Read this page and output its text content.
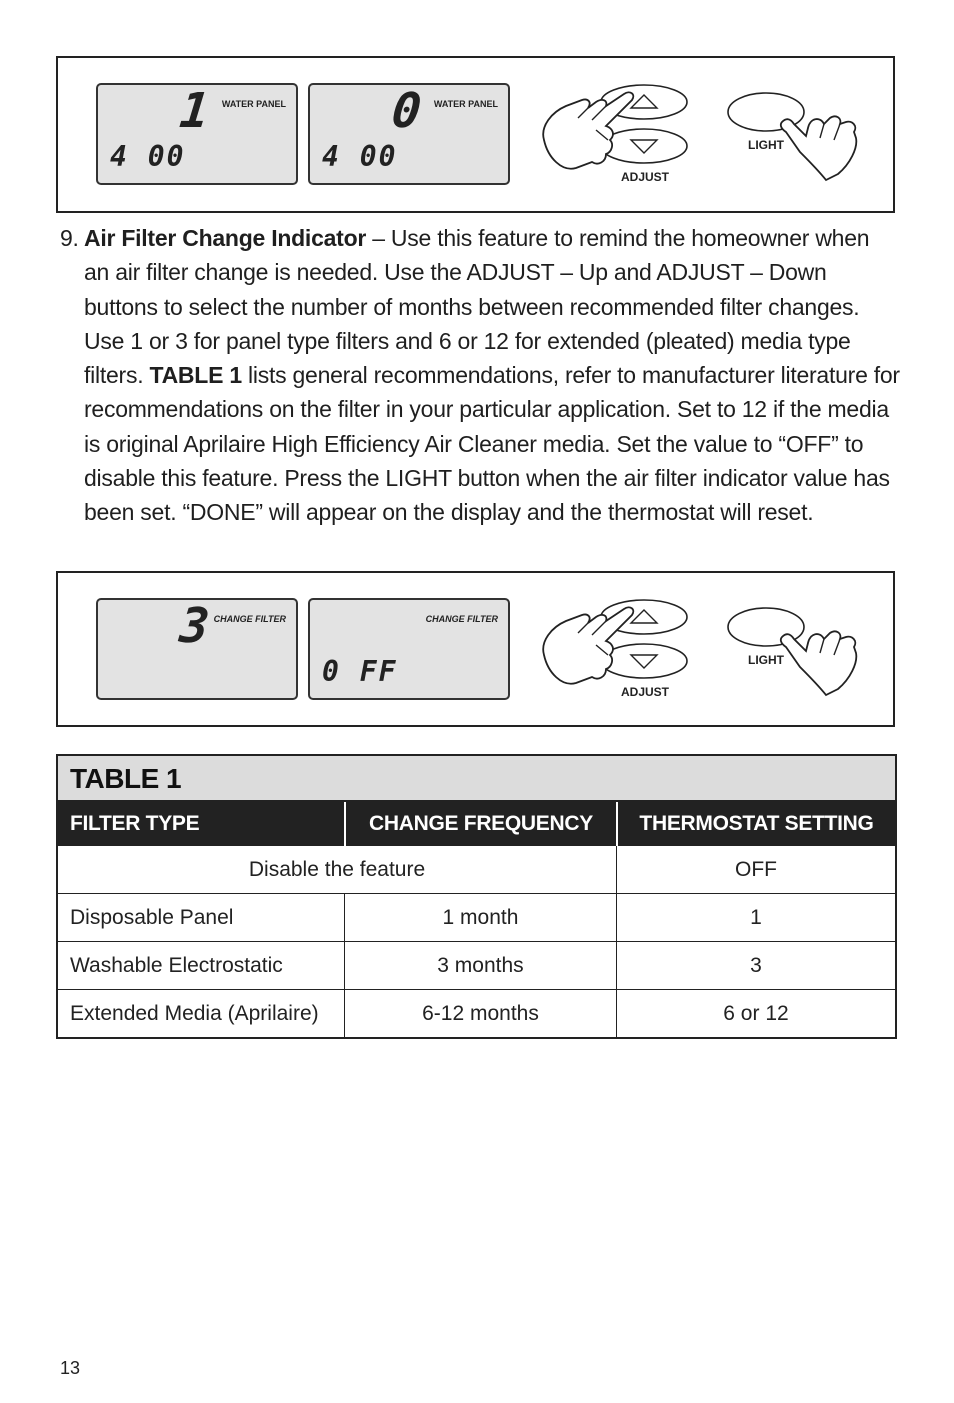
1 WATER PANEL
4 00
0 WATER PANEL
4 00
ADJUST
LIGHT
9. Air Filter Change Indicator – Use this feature to remind the homeowner when an air filter change is needed. Use the ADJUST – Up and ADJUST – Down buttons to select the number of months between recommended filter changes. Use 1 or 3 for panel type filters and 6 or 12 for extended (pleated) media type filters. TABLE 1 lists general recommendations, refer to manufacturer literature for recommendations on the filter in your particular application. Set to 12 if the media is original Aprilaire High Efficiency Air Cleaner media. Set the value to “OFF” to disable this feature. Press the LIGHT button when the air filter indicator value has been set. “DONE” will appear on the display and the thermostat will reset.
3 CHANGE FILTER	CHANGE FILTER
0 FF
ADJUST
LIGHT
TABLE 1
FILTER TYPE	CHANGE FREQUENCY	THERMOSTAT SETTING
Disable the feature	OFF
Disposable Panel	1 month	1
Washable Electrostatic	3 months	3
Extended Media (Aprilaire)	6-12 months	6 or 12
13
